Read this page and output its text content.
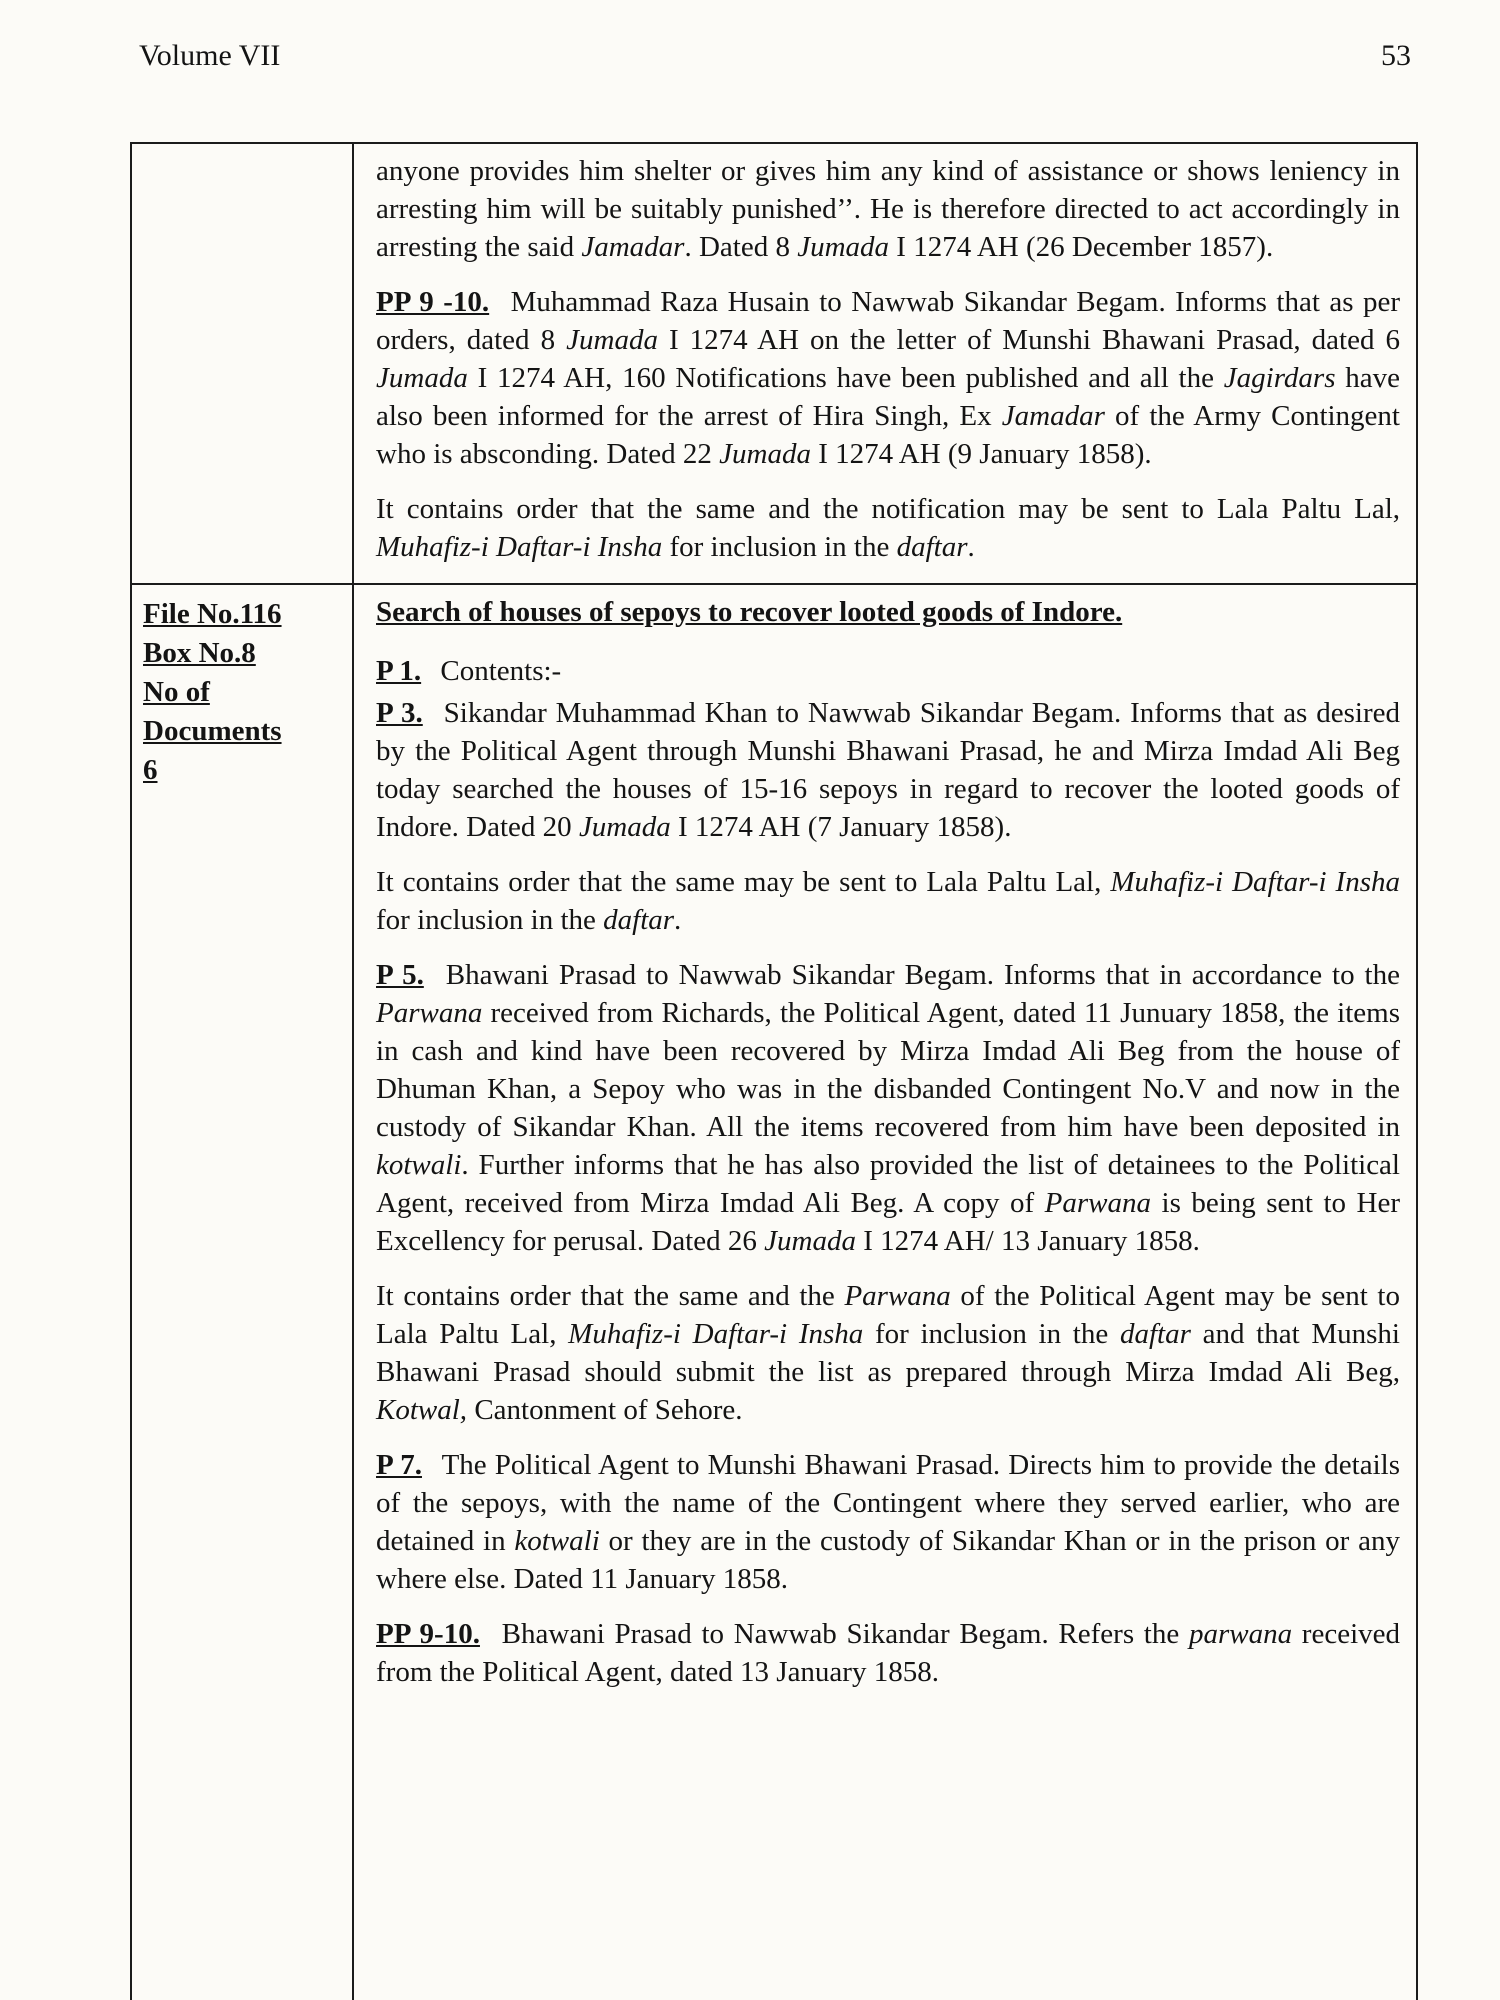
Volume VII	53

anyone provides him shelter or gives him any kind of assistance or shows leniency in arresting him will be suitably punished’’. He is therefore directed to act accordingly in arresting the said Jamadar. Dated 8 Jumada I 1274 AH (26 December 1857).

PP 9 -10. Muhammad Raza Husain to Nawwab Sikandar Begam. Informs that as per orders, dated 8 Jumada I 1274 AH on the letter of Munshi Bhawani Prasad, dated 6 Jumada I 1274 AH, 160 Notifications have been published and all the Jagirdars have also been informed for the arrest of Hira Singh, Ex Jamadar of the Army Contingent who is absconding. Dated 22 Jumada I 1274 AH (9 January 1858).

It contains order that the same and the notification may be sent to Lala Paltu Lal, Muhafiz-i Daftar-i Insha for inclusion in the daftar.

File No.116
Box No.8
No of
Documents
6

Search of houses of sepoys to recover looted goods of Indore.

P 1. Contents:-

P 3. Sikandar Muhammad Khan to Nawwab Sikandar Begam. Informs that as desired by the Political Agent through Munshi Bhawani Prasad, he and Mirza Imdad Ali Beg today searched the houses of 15-16 sepoys in regard to recover the looted goods of Indore. Dated 20 Jumada I 1274 AH (7 January 1858).

It contains order that the same may be sent to Lala Paltu Lal, Muhafiz-i Daftar-i Insha for inclusion in the daftar.

P 5. Bhawani Prasad to Nawwab Sikandar Begam. Informs that in accordance to the Parwana received from Richards, the Political Agent, dated 11 Junuary 1858, the items in cash and kind have been recovered by Mirza Imdad Ali Beg from the house of Dhuman Khan, a Sepoy who was in the disbanded Contingent No.V and now in the custody of Sikandar Khan. All the items recovered from him have been deposited in kotwali. Further informs that he has also provided the list of detainees to the Political Agent, received from Mirza Imdad Ali Beg. A copy of Parwana is being sent to Her Excellency for perusal. Dated 26 Jumada I 1274 AH/ 13 January 1858.

It contains order that the same and the Parwana of the Political Agent may be sent to Lala Paltu Lal, Muhafiz-i Daftar-i Insha for inclusion in the daftar and that Munshi Bhawani Prasad should submit the list as prepared through Mirza Imdad Ali Beg, Kotwal, Cantonment of Sehore.

P 7. The Political Agent to Munshi Bhawani Prasad. Directs him to provide the details of the sepoys, with the name of the Contingent where they served earlier, who are detained in kotwali or they are in the custody of Sikandar Khan or in the prison or any where else. Dated 11 January 1858.

PP 9-10. Bhawani Prasad to Nawwab Sikandar Begam. Refers the parwana received from the Political Agent, dated 13 January 1858.
